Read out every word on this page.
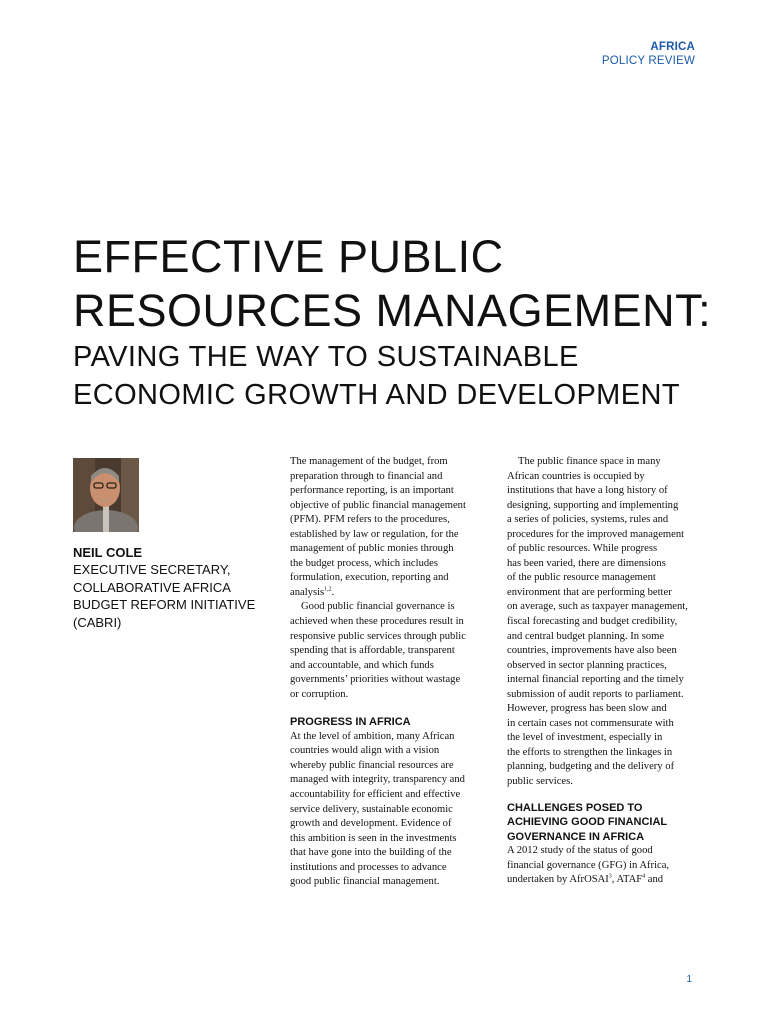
AFRICA
POLICY REVIEW
EFFECTIVE PUBLIC
RESOURCES MANAGEMENT:
PAVING THE WAY TO SUSTAINABLE
ECONOMIC GROWTH AND DEVELOPMENT
NEIL COLE
EXECUTIVE SECRETARY,
COLLABORATIVE AFRICA
BUDGET REFORM INITIATIVE
(CABRI)
The management of the budget, from
preparation through to financial and
performance reporting, is an important
objective of public financial management
(PFM). PFM refers to the procedures,
established by law or regulation, for the
management of public monies through
the budget process, which includes
formulation, execution, reporting and
analysis$^{1,2}$.
Good public financial governance is
achieved when these procedures result in
responsive public services through public
spending that is affordable, transparent
and accountable, and which funds
governments’ priorities without wastage
or corruption.
PROGRESS IN AFRICA
At the level of ambition, many African
countries would align with a vision
whereby public financial resources are
managed with integrity, transparency and
accountability for efficient and effective
service delivery, sustainable economic
growth and development. Evidence of
this ambition is seen in the investments
that have gone into the building of the
institutions and processes to advance
good public financial management.
The public finance space in many
African countries is occupied by
institutions that have a long history of
designing, supporting and implementing
a series of policies, systems, rules and
procedures for the improved management
of public resources. While progress
has been varied, there are dimensions
of the public resource management
environment that are performing better
on average, such as taxpayer management,
fiscal forecasting and budget credibility,
and central budget planning. In some
countries, improvements have also been
observed in sector planning practices,
internal financial reporting and the timely
submission of audit reports to parliament.
However, progress has been slow and
in certain cases not commensurate with
the level of investment, especially in
the efforts to strengthen the linkages in
planning, budgeting and the delivery of
public services.
CHALLENGES POSED TO
ACHIEVING GOOD FINANCIAL
GOVERNANCE IN AFRICA
A 2012 study of the status of good
financial governance (GFG) in Africa,
undertaken by AfrOSAI$^3$, ATAF$^4$ and
1
